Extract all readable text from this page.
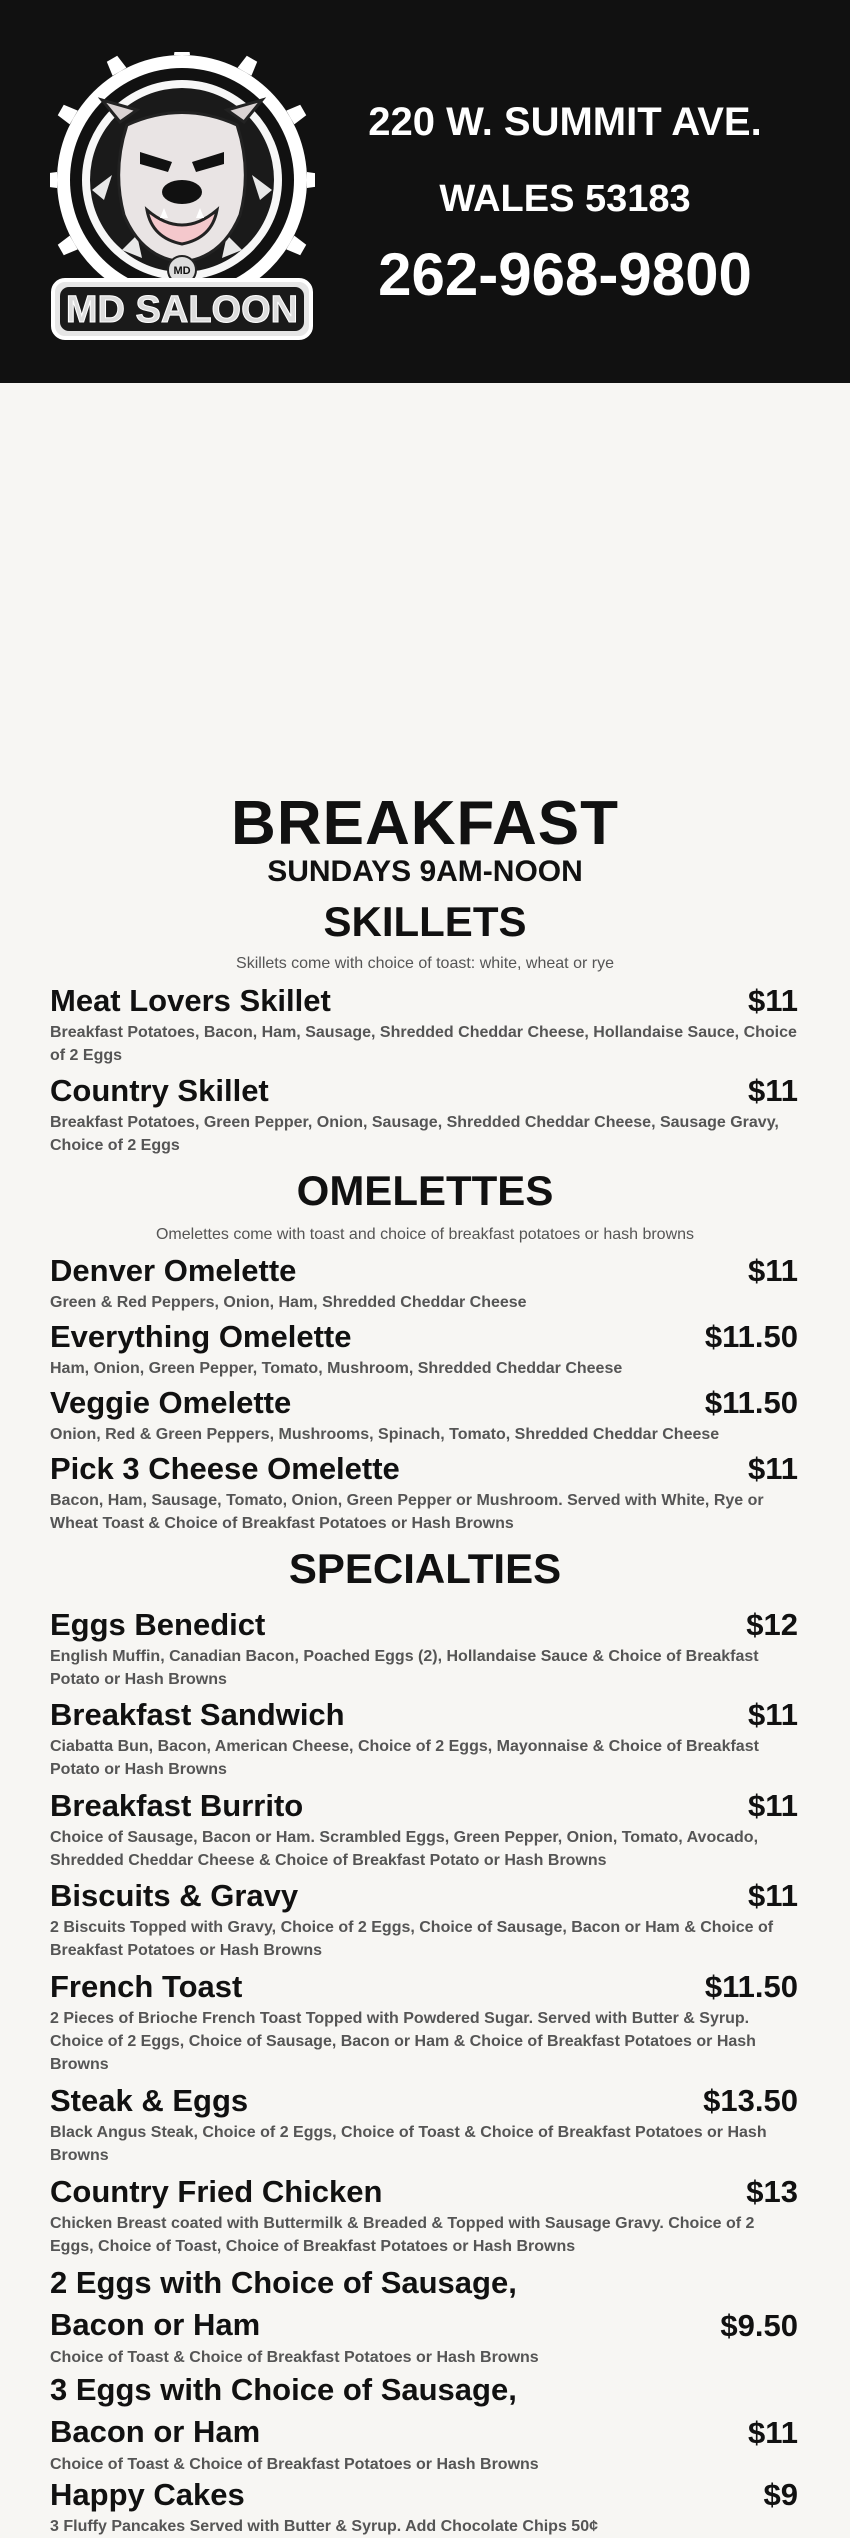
MD
MD SALOON
220 W. SUMMIT AVE.
WALES 53183
262-968-9800
BREAKFAST
SUNDAYS 9AM-NOON
SKILLETS
Skillets come with choice of toast: white, wheat or rye
Meat Lovers Skillet	$11
Breakfast Potatoes, Bacon, Ham, Sausage, Shredded Cheddar Cheese, Hollandaise Sauce, Choice of 2 Eggs
Country Skillet	$11
Breakfast Potatoes, Green Pepper, Onion, Sausage, Shredded Cheddar Cheese, Sausage Gravy, Choice of 2 Eggs
OMELETTES
Omelettes come with toast and choice of breakfast potatoes or hash browns
Denver Omelette	$11
Green & Red Peppers, Onion, Ham, Shredded Cheddar Cheese
Everything Omelette	$11.50
Ham, Onion, Green Pepper, Tomato, Mushroom, Shredded Cheddar Cheese
Veggie Omelette	$11.50
Onion, Red & Green Peppers, Mushrooms, Spinach, Tomato, Shredded Cheddar Cheese
Pick 3 Cheese Omelette	$11
Bacon, Ham, Sausage, Tomato, Onion, Green Pepper or Mushroom. Served with White, Rye or Wheat Toast & Choice of Breakfast Potatoes or Hash Browns
SPECIALTIES
Eggs Benedict	$12
English Muffin, Canadian Bacon, Poached Eggs (2), Hollandaise Sauce & Choice of Breakfast Potato or Hash Browns
Breakfast Sandwich	$11
Ciabatta Bun, Bacon, American Cheese, Choice of 2 Eggs, Mayonnaise & Choice of Breakfast Potato or Hash Browns
Breakfast Burrito	$11
Choice of Sausage, Bacon or Ham. Scrambled Eggs, Green Pepper, Onion, Tomato, Avocado, Shredded Cheddar Cheese & Choice of Breakfast Potato or Hash Browns
Biscuits & Gravy	$11
2 Biscuits Topped with Gravy, Choice of 2 Eggs, Choice of Sausage, Bacon or Ham & Choice of Breakfast Potatoes or Hash Browns
French Toast	$11.50
2 Pieces of Brioche French Toast Topped with Powdered Sugar. Served with Butter & Syrup. Choice of 2 Eggs, Choice of Sausage, Bacon or Ham & Choice of Breakfast Potatoes or Hash Browns
Steak & Eggs	$13.50
Black Angus Steak, Choice of 2 Eggs, Choice of Toast & Choice of Breakfast Potatoes or Hash Browns
Country Fried Chicken	$13
Chicken Breast coated with Buttermilk & Breaded & Topped with Sausage Gravy. Choice of 2 Eggs, Choice of Toast, Choice of Breakfast Potatoes or Hash Browns
2 Eggs with Choice of Sausage,
Bacon or Ham	$9.50
Choice of Toast & Choice of Breakfast Potatoes or Hash Browns
3 Eggs with Choice of Sausage,
Bacon or Ham	$11
Choice of Toast & Choice of Breakfast Potatoes or Hash Browns
Happy Cakes	$9
3 Fluffy Pancakes Served with Butter & Syrup. Add Chocolate Chips 50¢
